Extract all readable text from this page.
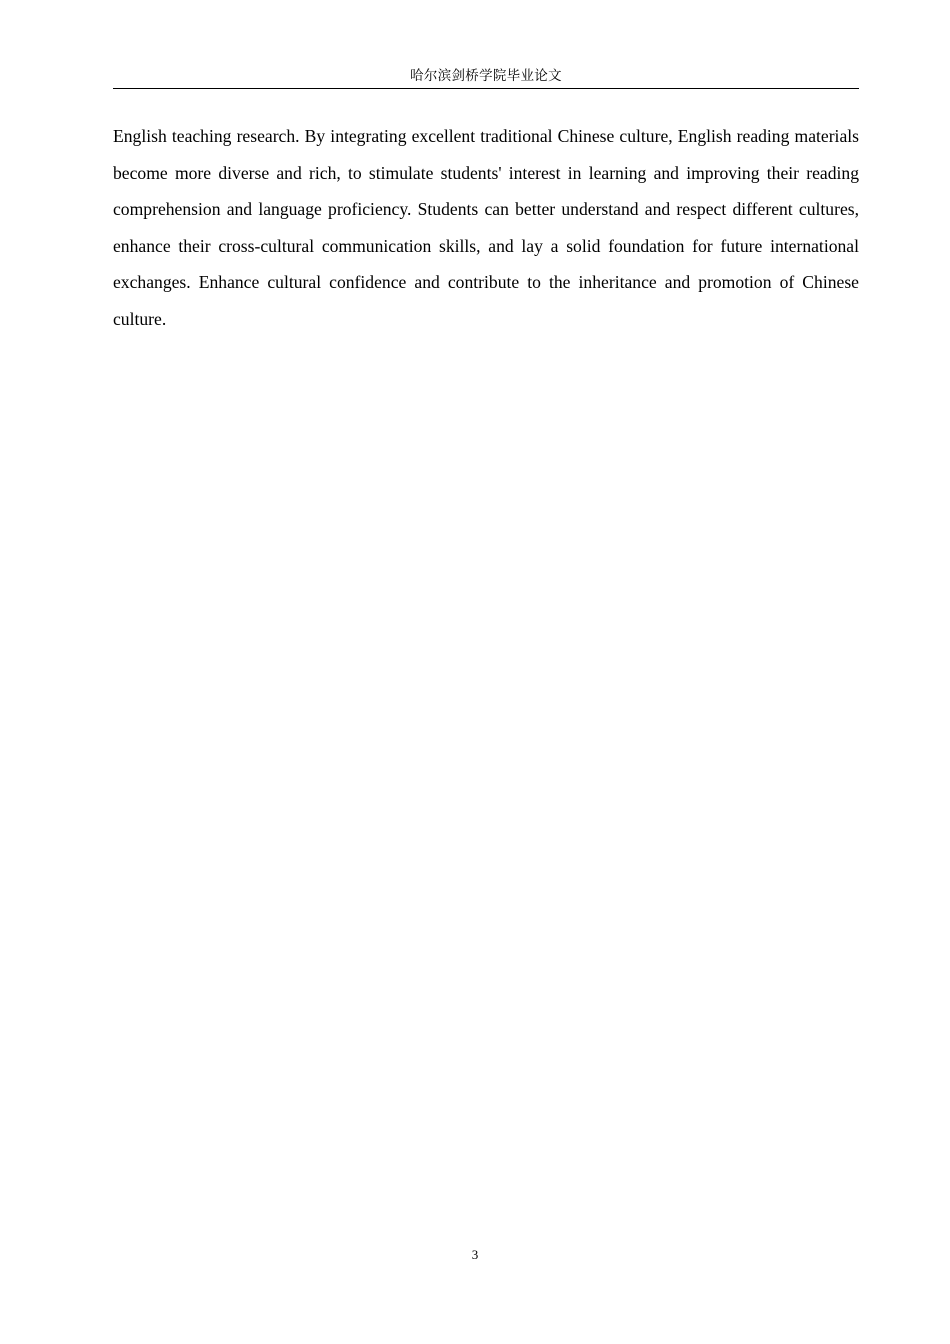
哈尔滨剑桥学院毕业论文

English teaching research. By integrating excellent traditional Chinese culture, English reading materials become more diverse and rich, to stimulate students' interest in learning and improving their reading comprehension and language proficiency. Students can better understand and respect different cultures, enhance their cross-cultural communication skills, and lay a solid foundation for future international exchanges. Enhance cultural confidence and contribute to the inheritance and promotion of Chinese culture.

3
